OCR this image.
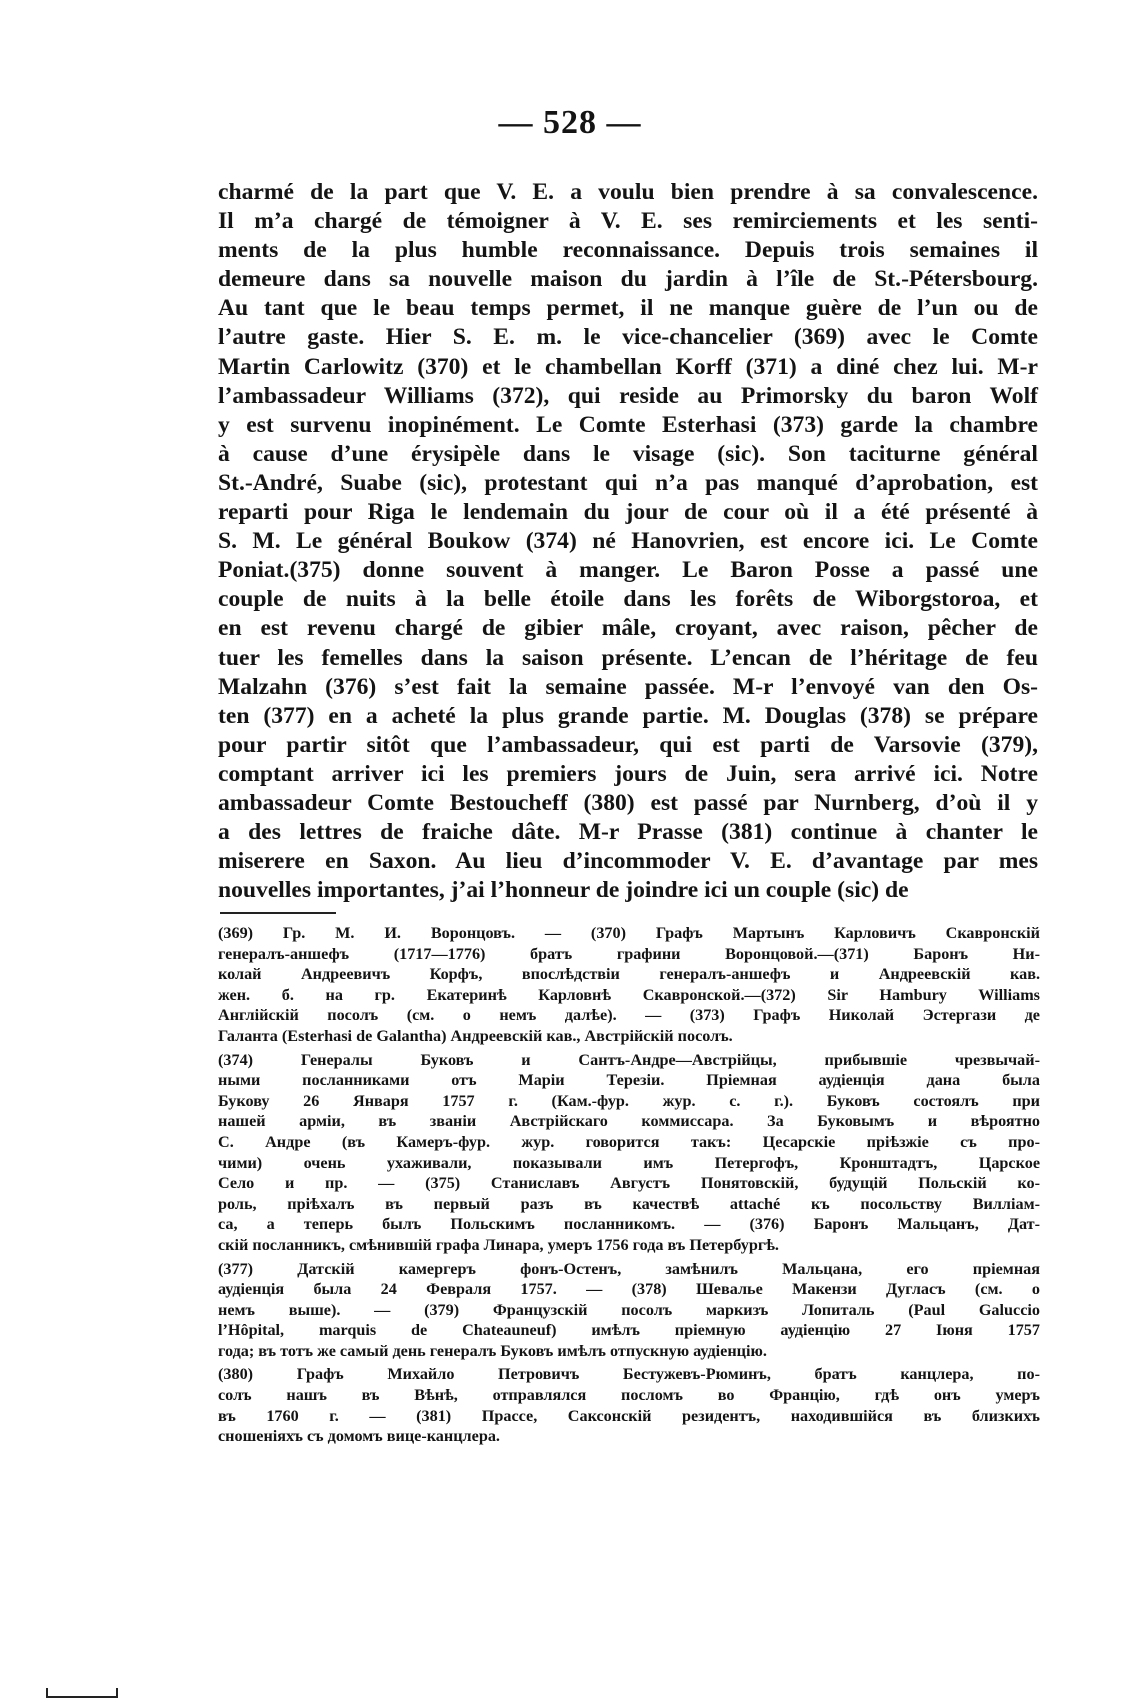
— 528 —
charmé de la part que V. E. a voulu bien prendre à sa convalescence.
Il m’a chargé de témoigner à V. E. ses remirciements et les senti-
ments de la plus humble reconnaissance. Depuis trois semaines il
demeure dans sa nouvelle maison du jardin à l’île de St.-Pétersbourg.
Au tant que le beau temps permet, il ne manque guère de l’un ou de
l’autre gaste. Hier S. E. m. le vice-chancelier (369) avec le Comte
Martin Carlowitz (370) et le chambellan Korff (371) a diné chez lui. M-r
l’ambassadeur Williams (372), qui reside au Primorsky du baron Wolf
y est survenu inopinément. Le Comte Esterhasi (373) garde la chambre
à cause d’une érysipèle dans le visage (sic). Son taciturne général
St.-André, Suabe (sic), protestant qui n’a pas manqué d’aprobation, est
reparti pour Riga le lendemain du jour de cour où il a été présenté à
S. M. Le général Boukow (374) né Hanovrien, est encore ici. Le Comte
Poniat.(375) donne souvent à manger. Le Baron Posse a passé une
couple de nuits à la belle étoile dans les forêts de Wiborgstoroa, et
en est revenu chargé de gibier mâle, croyant, avec raison, pêcher de
tuer les femelles dans la saison présente. L’encan de l’héritage de feu
Malzahn (376) s’est fait la semaine passée. M-r l’envoyé van den Os-
ten (377) en a acheté la plus grande partie. M. Douglas (378) se prépare
pour partir sitôt que l’ambassadeur, qui est parti de Varsovie (379),
comptant arriver ici les premiers jours de Juin, sera arrivé ici. Notre
ambassadeur Comte Bestoucheff (380) est passé par Nurnberg, d’où il y
a des lettres de fraiche dâte. M-r Prasse (381) continue à chanter le
miserere en Saxon. Au lieu d’incommoder V. E. d’avantage par mes
nouvelles importantes, j’ai l’honneur de joindre ici un couple (sic) de
(369) Гр. М. И. Воронцовъ. — (370) Графъ Мартынъ Карловичъ Скавронскій
генералъ-аншефъ (1717—1776) братъ графини Воронцовой.—(371) Баронъ Ни-
колай Андреевичъ Корфъ, впослѣдствіи генералъ-аншефъ и Андреевскій кав.
жен. б. на гр. Екатеринѣ Карловнѣ Скавронской.—(372) Sir Hambury Williams
Англійскій посолъ (см. о немъ далѣе). — (373) Графъ Николай Эстергази де
Галанта (Esterhasi de Galantha) Андреевскій кав., Австрійскій посолъ.
(374) Генералы Буковъ и Сантъ-Андре—Австрійцы, прибывшіе чрезвычай-
ными посланниками отъ Маріи Терезіи. Пріемная аудіенція дана была
Букову 26 Января 1757 г. (Кам.-фур. жур. с. г.). Буковъ состоялъ при
нашей арміи, въ званіи Австрійскаго коммиссара. За Буковымъ и вѣроятно
С. Андре (въ Камеръ-фур. жур. говорится такъ: Цесарскіе пріѣзжіе съ про-
чими) очень ухаживали, показывали имъ Петергофъ, Кронштадтъ, Царское
Село и пр. — (375) Станиславъ Августъ Понятовскій, будущій Польскій ко-
роль, пріѣхалъ въ первый разъ въ качествѣ attaché къ посольству Вилліам-
са, а теперь былъ Польскимъ посланникомъ. — (376) Баронъ Мальцанъ, Дат-
скій посланникъ, смѣнившій графа Линара, умеръ 1756 года въ Петербургѣ.
(377) Датскій камергеръ фонъ-Остенъ, замѣнилъ Мальцана, его пріемная
аудіенція была 24 Февраля 1757. — (378) Шевалье Макензи Дугласъ (см. о
немъ выше). — (379) Французскій посолъ маркизъ Лопиталь (Paul Galuccio
l’Hôpital, marquis de Chateauneuf) имѣлъ пріемную аудіенцію 27 Іюня 1757
года; въ тотъ же самый день генералъ Буковъ имѣлъ отпускную аудіенцію.
(380) Графъ Михайло Петровичъ Бестужевъ-Рюминъ, братъ канцлера, по-
солъ нашъ въ Вѣнѣ, отправлялся посломъ во Францію, гдѣ онъ умеръ
въ 1760 г. — (381) Прассе, Саксонскій резидентъ, находившійся въ близкихъ
сношеніяхъ съ домомъ вице-канцлера.
